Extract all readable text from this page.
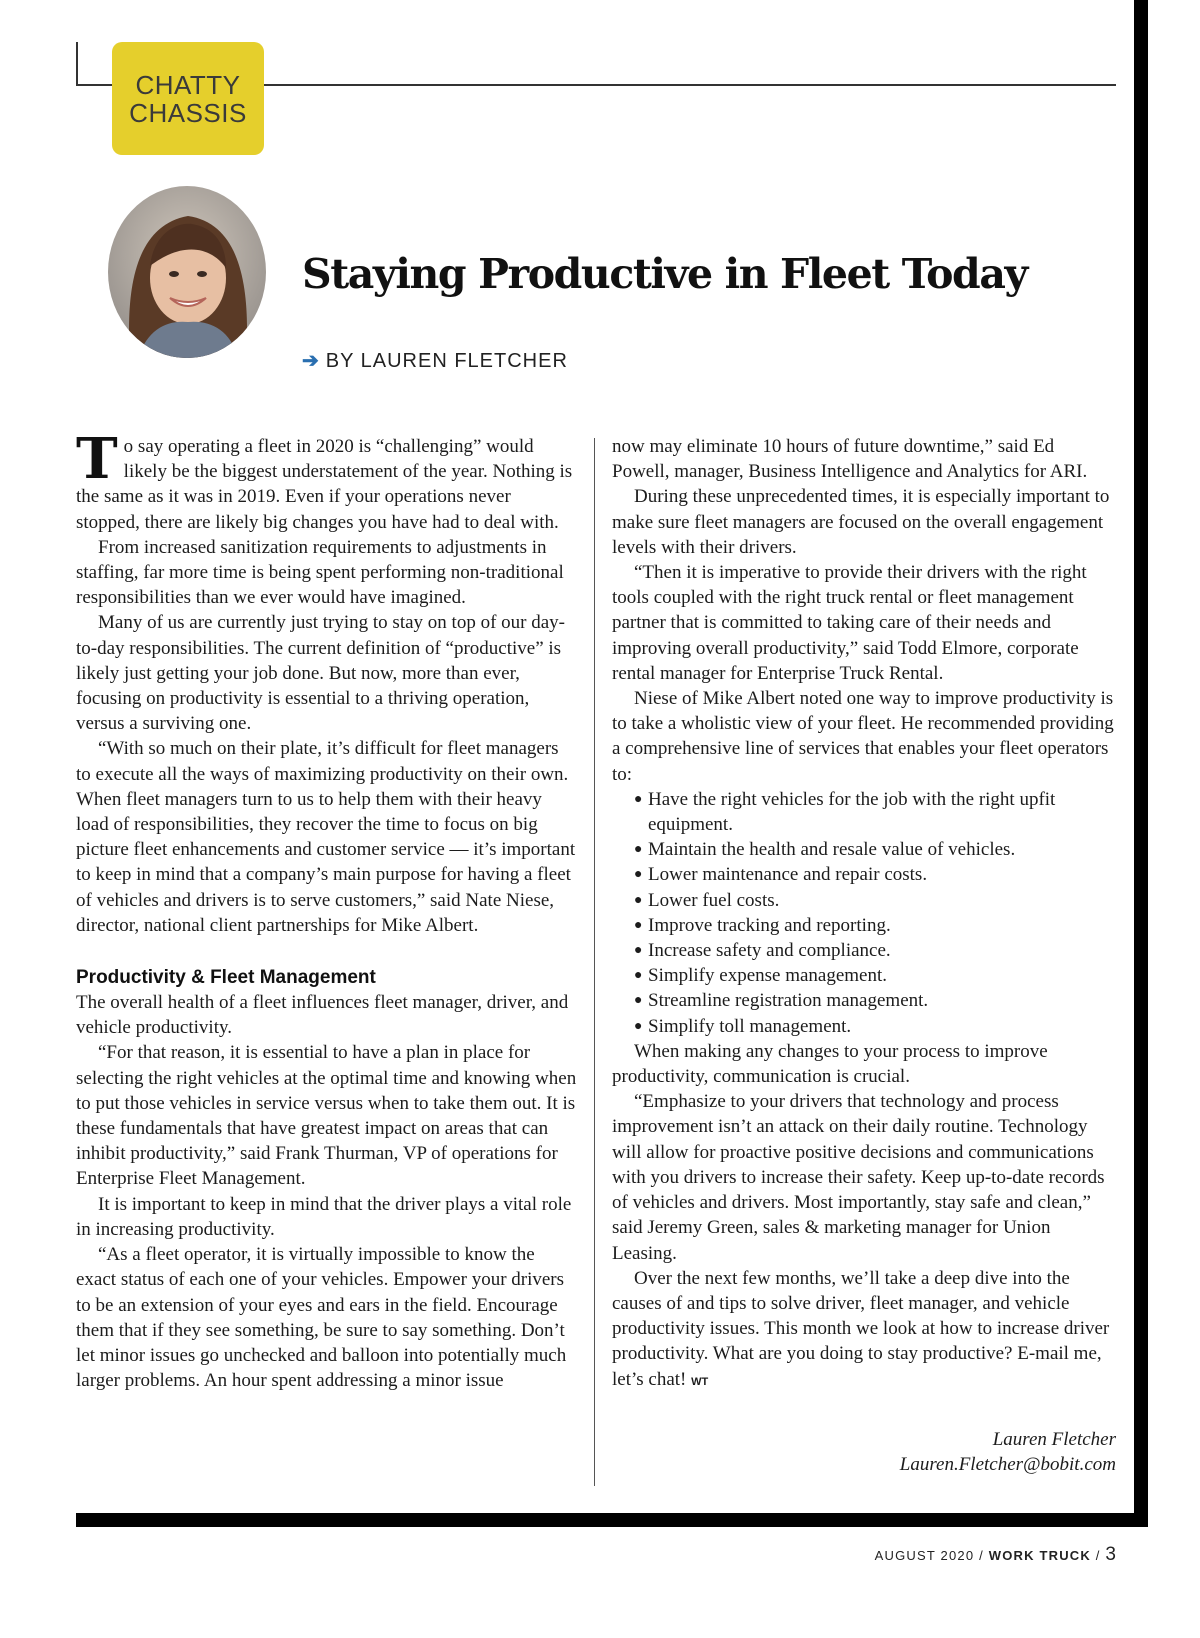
CHATTY
CHASSIS
Staying Productive in Fleet Today
➔ BY LAUREN FLETCHER

To say operating a fleet in 2020 is “challenging” would likely be the biggest understatement of the year. Nothing is the same as it was in 2019. Even if your operations never stopped, there are likely big changes you have had to deal with.

From increased sanitization requirements to adjustments in staffing, far more time is being spent performing non-traditional responsibilities than we ever would have imagined.

Many of us are currently just trying to stay on top of our day-to-day responsibilities. The current definition of “productive” is likely just getting your job done. But now, more than ever, focusing on productivity is essential to a thriving operation, versus a surviving one.

“With so much on their plate, it’s difficult for fleet managers to execute all the ways of maximizing productivity on their own. When fleet managers turn to us to help them with their heavy load of responsibilities, they recover the time to focus on big picture fleet enhancements and customer service — it’s important to keep in mind that a company’s main purpose for having a fleet of vehicles and drivers is to serve customers,” said Nate Niese, director, national client partnerships for Mike Albert.

Productivity & Fleet Management

The overall health of a fleet influences fleet manager, driver, and vehicle productivity.

“For that reason, it is essential to have a plan in place for selecting the right vehicles at the optimal time and knowing when to put those vehicles in service versus when to take them out. It is these fundamentals that have greatest impact on areas that can inhibit productivity,” said Frank Thurman, VP of operations for Enterprise Fleet Management.

It is important to keep in mind that the driver plays a vital role in increasing productivity.

“As a fleet operator, it is virtually impossible to know the exact status of each one of your vehicles. Empower your drivers to be an extension of your eyes and ears in the field. Encourage them that if they see something, be sure to say something. Don’t let minor issues go unchecked and balloon into potentially much larger problems. An hour spent addressing a minor issue

now may eliminate 10 hours of future downtime,” said Ed Powell, manager, Business Intelligence and Analytics for ARI.

During these unprecedented times, it is especially important to make sure fleet managers are focused on the overall engagement levels with their drivers.

“Then it is imperative to provide their drivers with the right tools coupled with the right truck rental or fleet management partner that is committed to taking care of their needs and improving overall productivity,” said Todd Elmore, corporate rental manager for Enterprise Truck Rental.

Niese of Mike Albert noted one way to improve productivity is to take a wholistic view of your fleet. He recommended providing a comprehensive line of services that enables your fleet operators to:

● Have the right vehicles for the job with the right upfit equipment.
● Maintain the health and resale value of vehicles.
● Lower maintenance and repair costs.
● Lower fuel costs.
● Improve tracking and reporting.
● Increase safety and compliance.
● Simplify expense management.
● Streamline registration management.
● Simplify toll management.

When making any changes to your process to improve productivity, communication is crucial.

“Emphasize to your drivers that technology and process improvement isn’t an attack on their daily routine. Technology will allow for proactive positive decisions and communications with you drivers to increase their safety. Keep up-to-date records of vehicles and drivers. Most importantly, stay safe and clean,” said Jeremy Green, sales & marketing manager for Union Leasing.

Over the next few months, we’ll take a deep dive into the causes of and tips to solve driver, fleet manager, and vehicle productivity issues. This month we look at how to increase driver productivity. What are you doing to stay productive? E-mail me, let’s chat! WT

Lauren Fletcher
Lauren.Fletcher@bobit.com
AUGUST 2020 / WORK TRUCK / 3
